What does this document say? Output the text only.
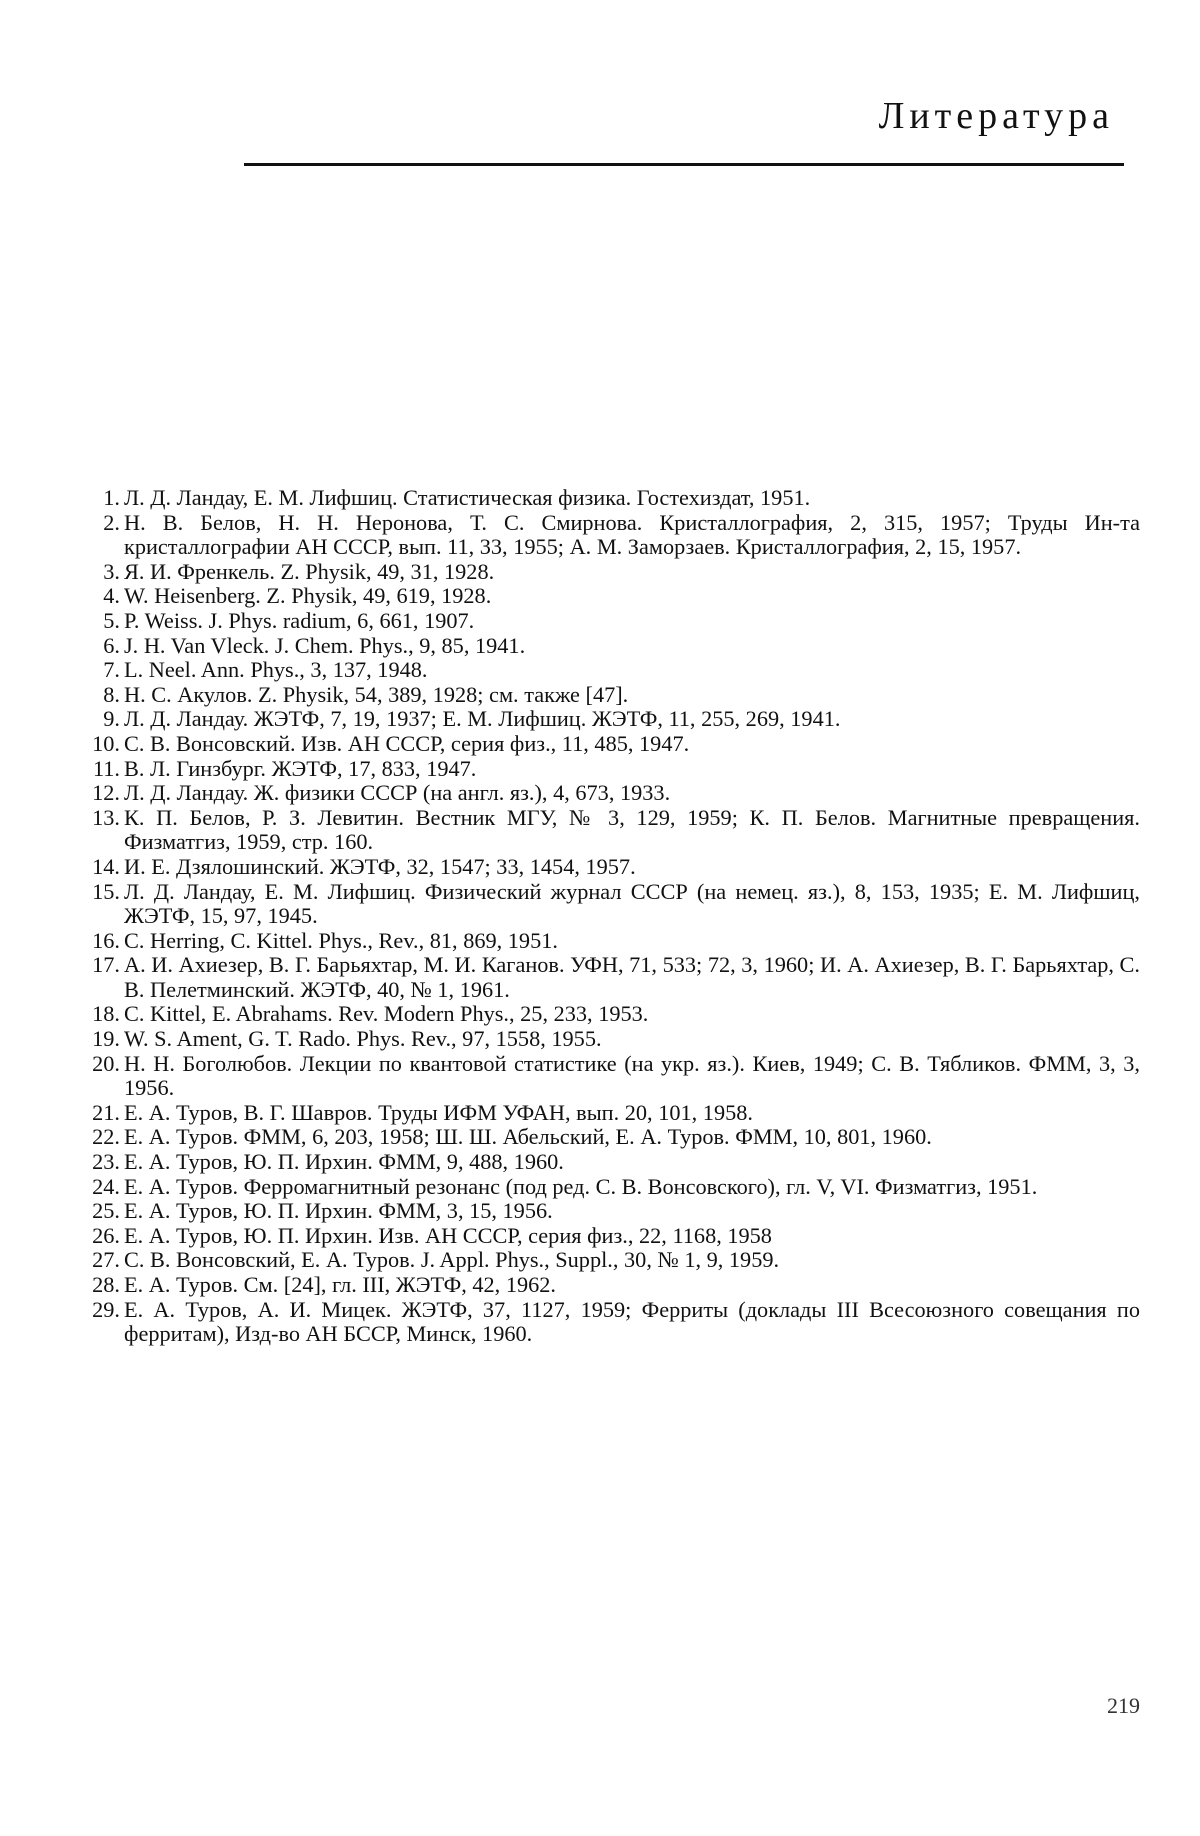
Литература
1. Л. Д. Ландау, Е. М. Лифшиц. Статистическая физика. Гостехиздат, 1951.
2. Н. В. Белов, Н. Н. Неронова, Т. С. Смирнова. Кристаллография, 2, 315, 1957; Труды Ин-та кристаллографии АН СССР, вып. 11, 33, 1955; А. М. Заморзаев. Кристаллография, 2, 15, 1957.
3. Я. И. Френкель. Z. Physik, 49, 31, 1928.
4. W. Heisenberg. Z. Physik, 49, 619, 1928.
5. P. Weiss. J. Phys. radium, 6, 661, 1907.
6. J. H. Van Vleck. J. Chem. Phys., 9, 85, 1941.
7. L. Neel. Ann. Phys., 3, 137, 1948.
8. Н. С. Акулов. Z. Physik, 54, 389, 1928; см. также [47].
9. Л. Д. Ландау. ЖЭТФ, 7, 19, 1937; Е. М. Лифшиц. ЖЭТФ, 11, 255, 269, 1941.
10. С. В. Вонсовский. Изв. АН СССР, серия физ., 11, 485, 1947.
11. В. Л. Гинзбург. ЖЭТФ, 17, 833, 1947.
12. Л. Д. Ландау. Ж. физики СССР (на англ. яз.), 4, 673, 1933.
13. К. П. Белов, Р. З. Левитин. Вестник МГУ, № 3, 129, 1959; К. П. Белов. Магнитные превращения. Физматгиз, 1959, стр. 160.
14. И. Е. Дзялошинский. ЖЭТФ, 32, 1547; 33, 1454, 1957.
15. Л. Д. Ландау, Е. М. Лифшиц. Физический журнал СССР (на немец. яз.), 8, 153, 1935; Е. М. Лифшиц, ЖЭТФ, 15, 97, 1945.
16. C. Herring, C. Kittel. Phys., Rev., 81, 869, 1951.
17. А. И. Ахиезер, В. Г. Барьяхтар, М. И. Каганов. УФН, 71, 533; 72, 3, 1960; И. А. Ахиезер, В. Г. Барьяхтар, С. В. Пелетминский. ЖЭТФ, 40, № 1, 1961.
18. C. Kittel, E. Abrahams. Rev. Modern Phys., 25, 233, 1953.
19. W. S. Ament, G. T. Rado. Phys. Rev., 97, 1558, 1955.
20. Н. Н. Боголюбов. Лекции по квантовой статистике (на укр. яз.). Киев, 1949; С. В. Тябликов. ФММ, 3, 3, 1956.
21. Е. А. Туров, В. Г. Шавров. Труды ИФМ УФАН, вып. 20, 101, 1958.
22. Е. А. Туров. ФММ, 6, 203, 1958; Ш. Ш. Абельский, Е. А. Туров. ФММ, 10, 801, 1960.
23. Е. А. Туров, Ю. П. Ирхин. ФММ, 9, 488, 1960.
24. Е. А. Туров. Ферромагнитный резонанс (под ред. С. В. Вонсовского), гл. V, VI. Физматгиз, 1951.
25. Е. А. Туров, Ю. П. Ирхин. ФММ, 3, 15, 1956.
26. Е. А. Туров, Ю. П. Ирхин. Изв. АН СССР, серия физ., 22, 1168, 1958
27. С. В. Вонсовский, Е. А. Туров. J. Appl. Phys., Suppl., 30, № 1, 9, 1959.
28. Е. А. Туров. См. [24], гл. III, ЖЭТФ, 42, 1962.
29. Е. А. Туров, А. И. Мицек. ЖЭТФ, 37, 1127, 1959; Ферриты (доклады III Всесоюзного совещания по ферритам), Изд-во АН БССР, Минск, 1960.
219
